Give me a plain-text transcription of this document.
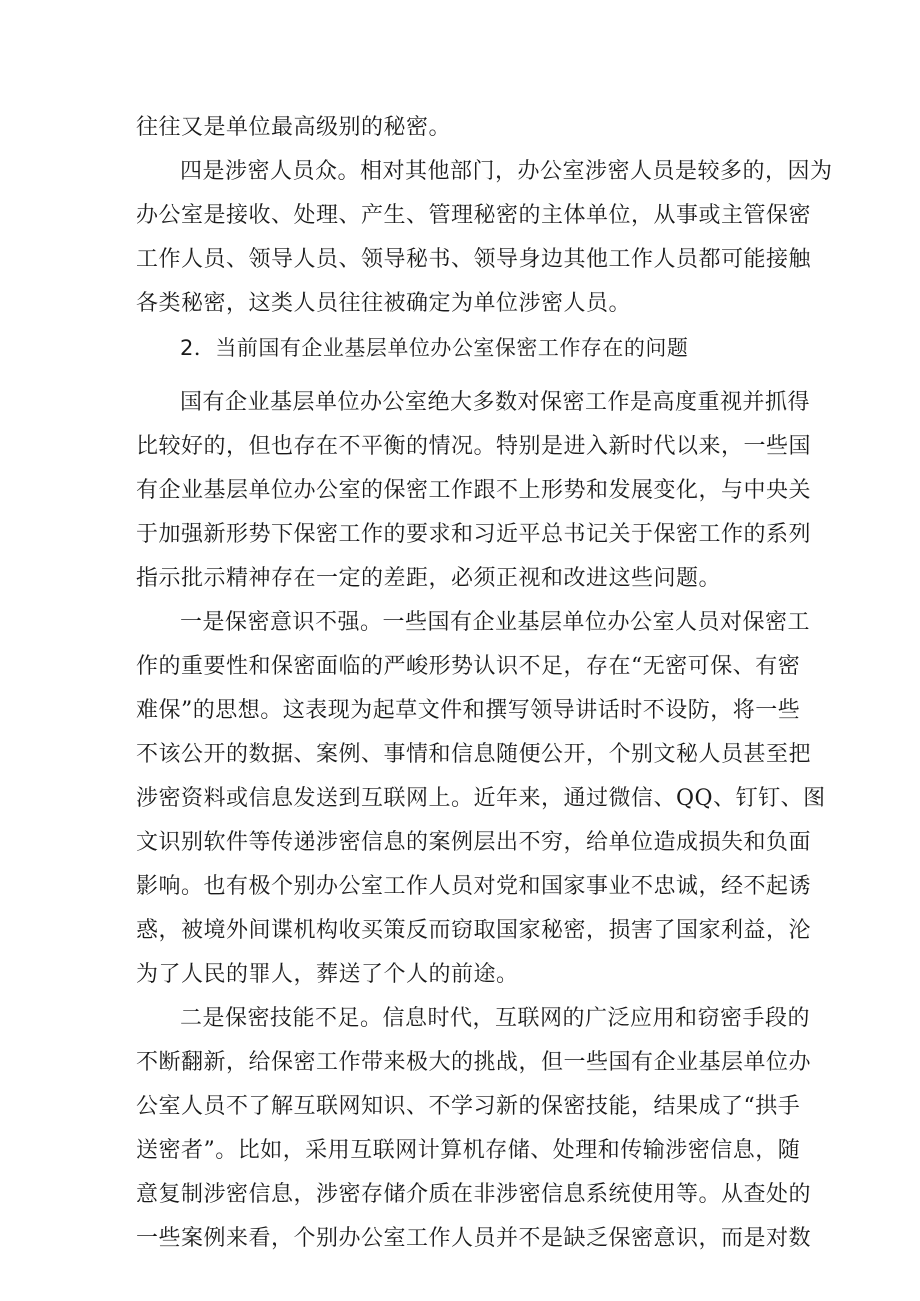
往往又是单位最高级别的秘密。
四是涉密人员众。相对其他部门，办公室涉密人员是较多的，因为
办公室是接收、处理、产生、管理秘密的主体单位，从事或主管保密
工作人员、领导人员、领导秘书、领导身边其他工作人员都可能接触
各类秘密，这类人员往往被确定为单位涉密人员。
2．当前国有企业基层单位办公室保密工作存在的问题
国有企业基层单位办公室绝大多数对保密工作是高度重视并抓得
比较好的，但也存在不平衡的情况。特别是进入新时代以来，一些国
有企业基层单位办公室的保密工作跟不上形势和发展变化，与中央关
于加强新形势下保密工作的要求和习近平总书记关于保密工作的系列
指示批示精神存在一定的差距，必须正视和改进这些问题。
一是保密意识不强。一些国有企业基层单位办公室人员对保密工
作的重要性和保密面临的严峻形势认识不足，存在“无密可保、有密
难保”的思想。这表现为起草文件和撰写领导讲话时不设防，将一些
不该公开的数据、案例、事情和信息随便公开，个别文秘人员甚至把
涉密资料或信息发送到互联网上。近年来，通过微信、QQ、钉钉、图
文识别软件等传递涉密信息的案例层出不穷，给单位造成损失和负面
影响。也有极个别办公室工作人员对党和国家事业不忠诚，经不起诱
惑，被境外间谍机构收买策反而窃取国家秘密，损害了国家利益，沦
为了人民的罪人，葬送了个人的前途。
二是保密技能不足。信息时代，互联网的广泛应用和窃密手段的
不断翻新，给保密工作带来极大的挑战，但一些国有企业基层单位办
公室人员不了解互联网知识、不学习新的保密技能，结果成了“拱手
送密者”。比如，采用互联网计算机存储、处理和传输涉密信息，随
意复制涉密信息，涉密存储介质在非涉密信息系统使用等。从查处的
一些案例来看，个别办公室工作人员并不是缺乏保密意识，而是对数
